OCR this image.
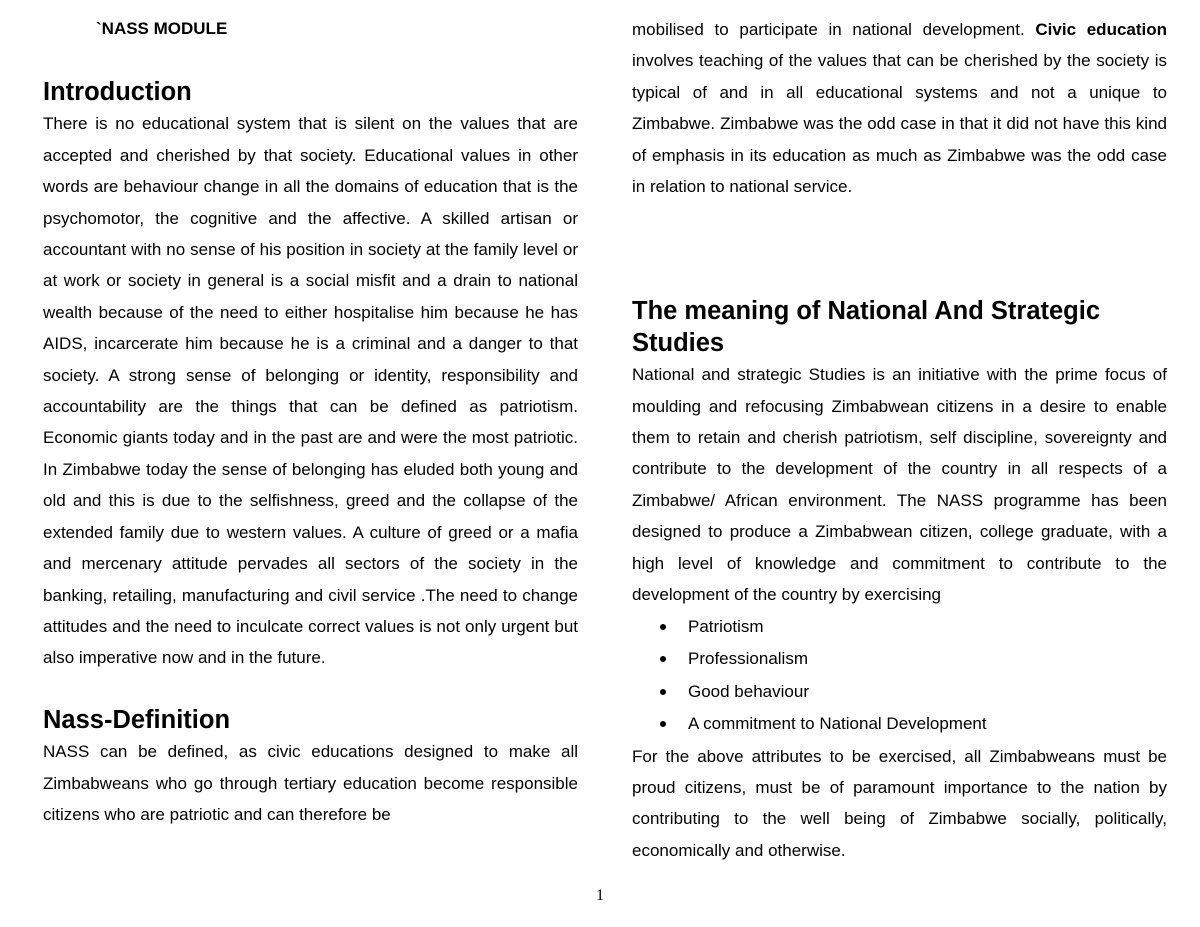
`NASS MODULE
Introduction

There is no educational system that is silent on the values that are accepted and cherished by that society. Educational values in other words are behaviour change in all the domains of education that is the psychomotor, the cognitive and the affective. A skilled artisan or accountant with no sense of his position in society at the family level or at work or society in general is a social misfit and a drain to national wealth because of the need to either hospitalise him because he has AIDS, incarcerate him because he is a criminal and a danger to that society. A strong sense of belonging or identity, responsibility and accountability are the things that can be defined as patriotism. Economic giants today and in the past are and were the most patriotic. In Zimbabwe today the sense of belonging has eluded both young and old and this is due to the selfishness, greed and the collapse of the extended family due to western values. A culture of greed or a mafia and mercenary attitude pervades all sectors of the society in the banking, retailing, manufacturing and civil service .The need to change attitudes and the need to inculcate correct values is not only urgent but also imperative now and in the future.

Nass-Definition

NASS can be defined, as civic educations designed to make all Zimbabweans who go through tertiary education become responsible citizens who are patriotic and can therefore be

mobilised to participate in national development. Civic education involves teaching of the values that can be cherished by the society is typical of and in all educational systems and not a unique to Zimbabwe. Zimbabwe was the odd case in that it did not have this kind of emphasis in its education as much as Zimbabwe was the odd case in relation to national service.

The meaning of National And Strategic Studies

National and strategic Studies is an initiative with the prime focus of moulding and refocusing Zimbabwean citizens in a desire to enable them to retain and cherish patriotism, self discipline, sovereignty and contribute to the development of the country in all respects of a Zimbabwe/ African environment. The NASS programme has been designed to produce a Zimbabwean citizen, college graduate, with a high level of knowledge and commitment to contribute to the development of the country by exercising

Patriotism
Professionalism
Good behaviour
A commitment to National Development

For the above attributes to be exercised, all Zimbabweans must be proud citizens, must be of paramount importance to the nation by contributing to the well being of Zimbabwe socially, politically, economically and otherwise.

1
